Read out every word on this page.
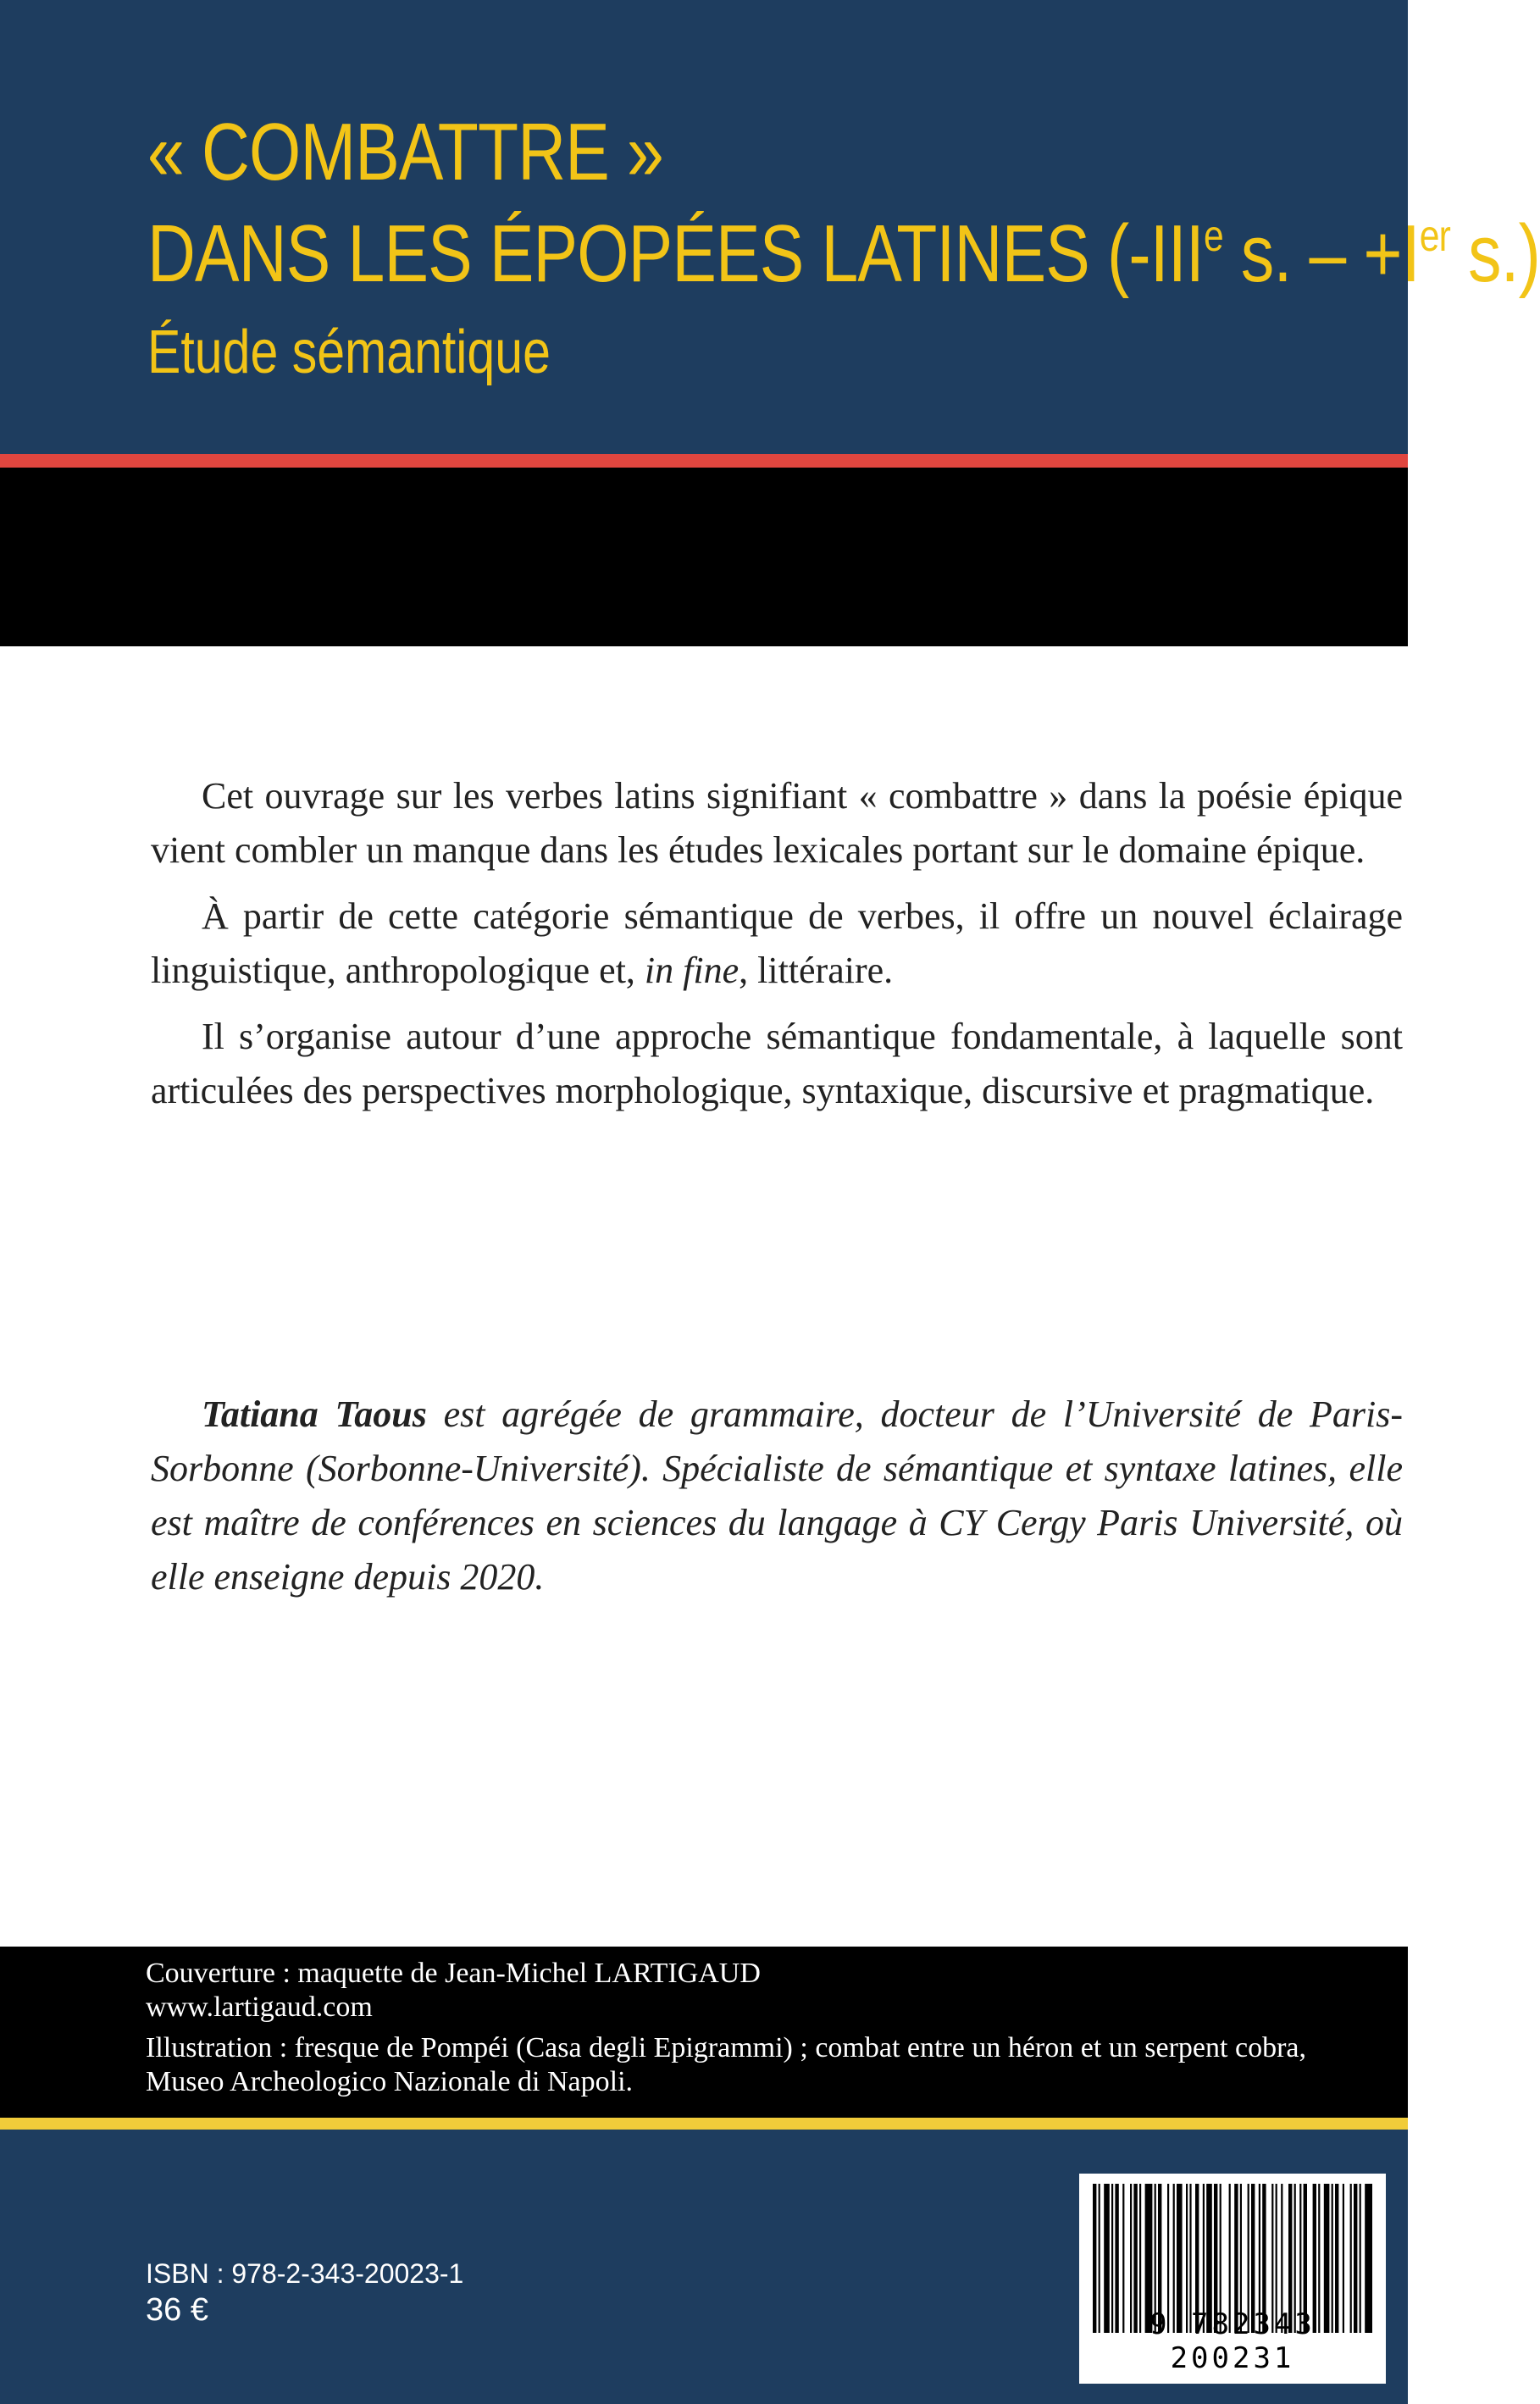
« COMBATTRE »
DANS LES ÉPOPÉES LATINES (-IIIe s. – +Ier s.)
Étude sémantique

Cet ouvrage sur les verbes latins signifiant « combattre » dans la poésie épique vient combler un manque dans les études lexicales portant sur le domaine épique.

À partir de cette catégorie sémantique de verbes, il offre un nouvel éclairage linguistique, anthropologique et, in fine, littéraire.

Il s’organise autour d’une approche sémantique fondamentale, à laquelle sont articulées des perspectives morphologique, syntaxique, discursive et pragmatique.

Tatiana Taous est agrégée de grammaire, docteur de l’Université de Paris-Sorbonne (Sorbonne-Université). Spécialiste de sémantique et syntaxe latines, elle est maître de conférences en sciences du langage à CY Cergy Paris Université, où elle enseigne depuis 2020.
Couverture : maquette de Jean-Michel LARTIGAUD
www.lartigaud.com
Illustration : fresque de Pompéi (Casa degli Epigrammi) ; combat entre un héron et un serpent cobra,
Museo Archeologico Nazionale di Napoli.
ISBN : 978-2-343-20023-1
36 €	9 782343 200231
